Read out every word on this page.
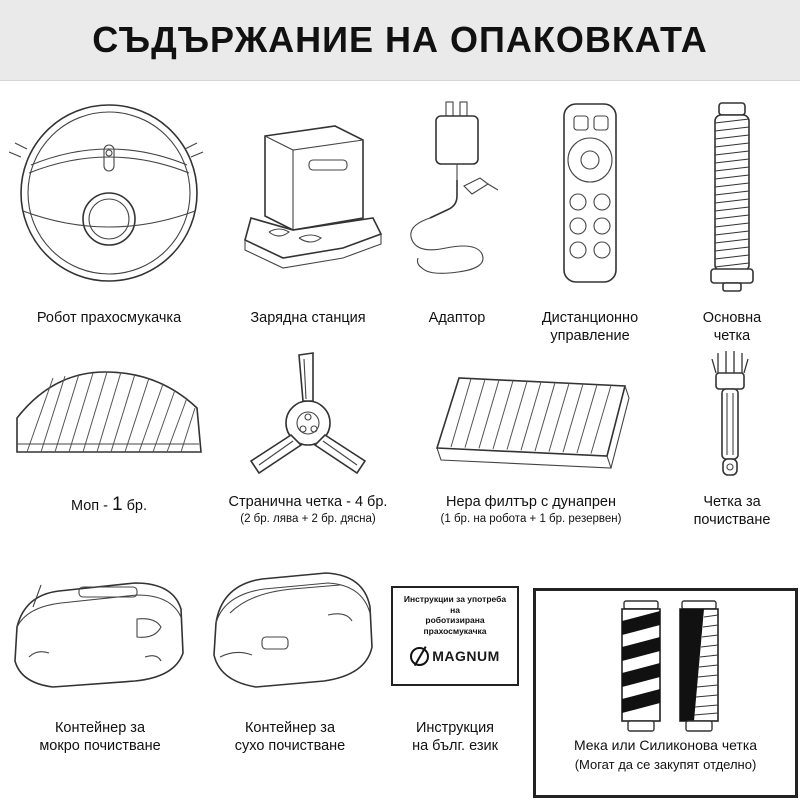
СЪДЪРЖАНИЕ НА ОПАКОВКАТА
Робот прахосмукачка	Зарядна станция	Адаптор	Дистанционно
управление
Основна
четка
Моп - 1 бр.	Странична четка - 4 бр.
(2 бр. лява + 2 бр. дясна)
Нера филтър с дунапрен
(1 бр. на робота + 1 бр. резервен)
Четка за
почистване
Контейнер за
мокро почистване
Контейнер за
сухо почистване
Инструкции за употреба
на
роботизирана прахосмукачка
MAGNUM
Инструкция
на бълг. език	Мека или Силиконова четка
(Могат да се закупят отделно)
